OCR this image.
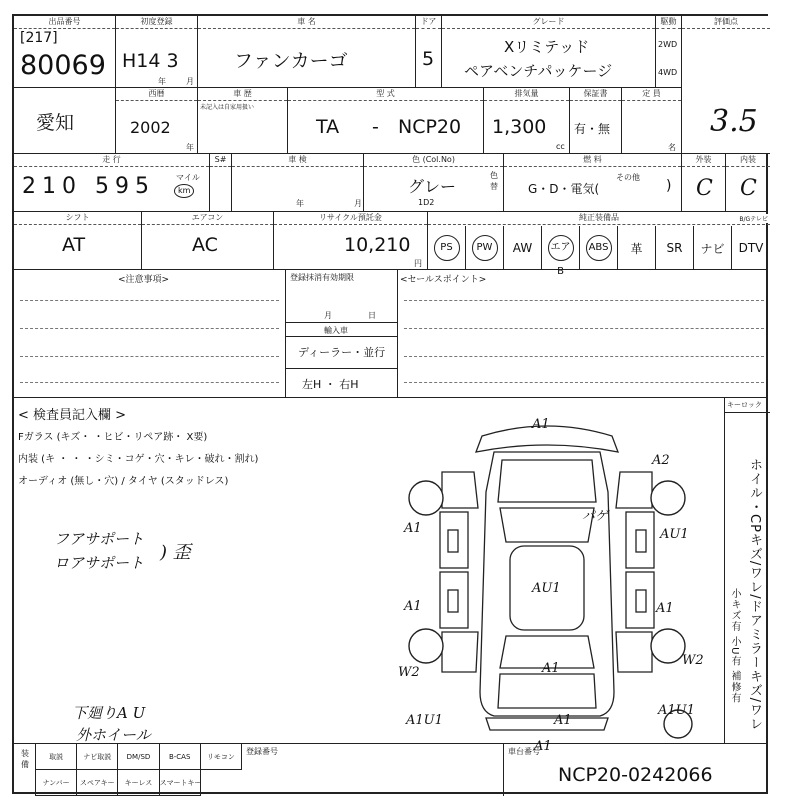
出品番号
[217]
80069
初度登録
H14 3
年	月
車 名
ファンカーゴ
ドア
5
グレード
Xリミテッド
ペアベンチパッケージ
駆動
2WD
4WD
評価点
3.5
愛知
西暦
2002
年
車 歴
未記入は自家用扱い
型 式
TA - NCP20
排気量
1,300
cc
保証書
有・無
定 員
名
走 行
210 595	マイル
km
S#	車 検
年	月
色 (Col.No)
グレー
1D2
色替
燃 料
G・D・電気(
その他
)
外装
C
内装
C
シフト
AT
エアコン
AC
リサイクル預託金
10,210
円
純正装備品	B/Gテレビ
PS	PW	AW	エアB
ABS 革 SR ナビ DTV
<注意事項>	登録抹消有効期限
月	日
輸入車
ディーラー・並行
左H ・ 右H
<セールスポイント>
< 検査員記入欄 >
Fガラス (キズ・ ・ヒビ・リペア跡・ X要)
内装 (キ ・ ・ ・シミ・コゲ・穴・キレ・破れ・割れ)
オーディオ (無し・穴) / タイヤ (スタッドレス)
フアサポート
ロアサポート ) 歪
下廻りA U
外ホイール
A1
A2
A1
AU1
AU1
A1
A1
A1
W2
W2
A1U1
A1U1
A1
A1
パゲ
キーロック
ホイル・CPキズ/ワレ/ドアミラーキズ/ワレ
小キズ有 小U有 補修有
装備
取説	ナビ取説	DM/SD	B-CAS	リモコン
ナンバー	スペアキー	キーレス	スマートキー
登録番号	車台番号
NCP20-0242066
